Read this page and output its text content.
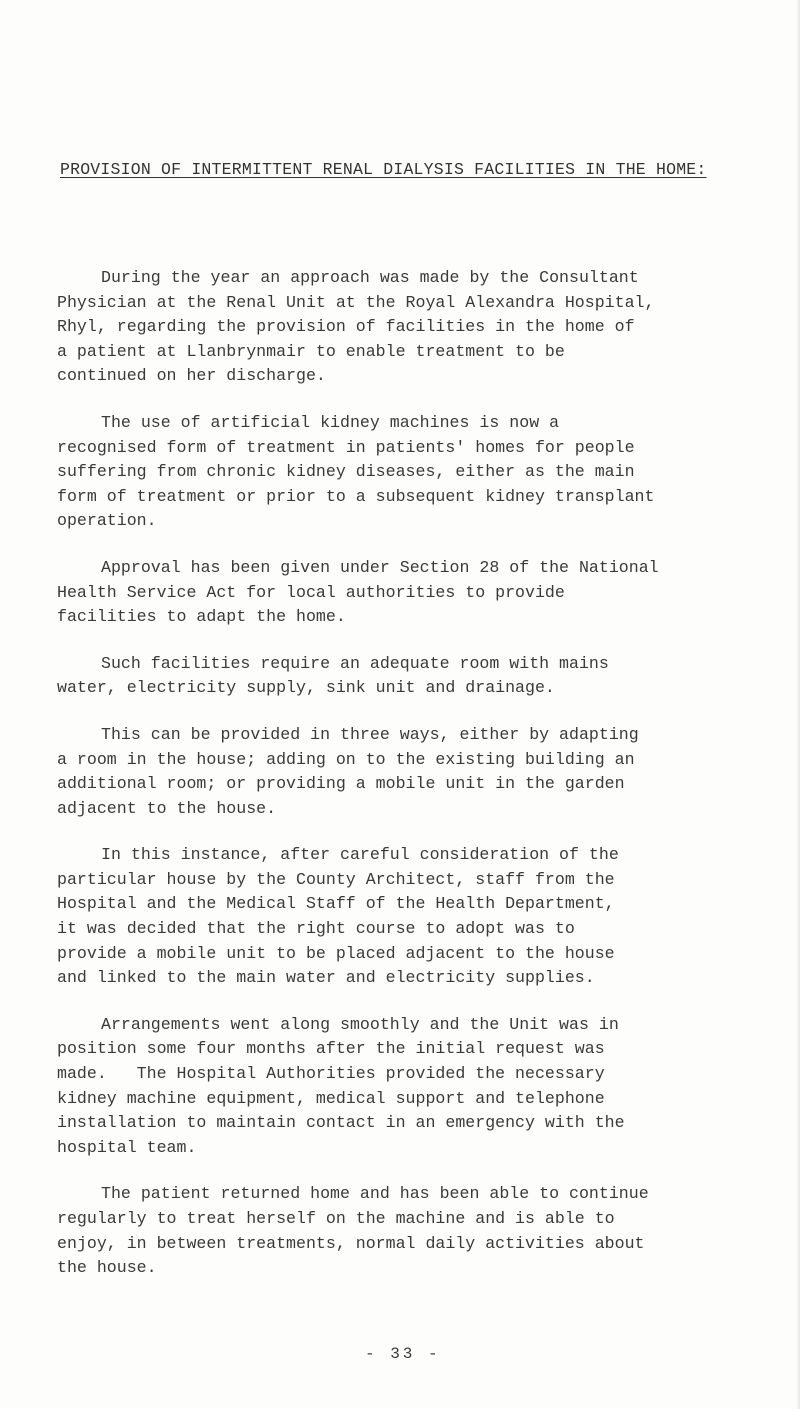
PROVISION OF INTERMITTENT RENAL DIALYSIS FACILITIES IN THE HOME:

During the year an approach was made by the Consultant
Physician at the Renal Unit at the Royal Alexandra Hospital,
Rhyl, regarding the provision of facilities in the home of
a patient at Llanbrynmair to enable treatment to be
continued on her discharge.

The use of artificial kidney machines is now a
recognised form of treatment in patients' homes for people
suffering from chronic kidney diseases, either as the main
form of treatment or prior to a subsequent kidney transplant
operation.

Approval has been given under Section 28 of the National
Health Service Act for local authorities to provide
facilities to adapt the home.

Such facilities require an adequate room with mains
water, electricity supply, sink unit and drainage.

This can be provided in three ways, either by adapting
a room in the house; adding on to the existing building an
additional room; or providing a mobile unit in the garden
adjacent to the house.

In this instance, after careful consideration of the
particular house by the County Architect, staff from the
Hospital and the Medical Staff of the Health Department,
it was decided that the right course to adopt was to
provide a mobile unit to be placed adjacent to the house
and linked to the main water and electricity supplies.

Arrangements went along smoothly and the Unit was in
position some four months after the initial request was
made.   The Hospital Authorities provided the necessary
kidney machine equipment, medical support and telephone
installation to maintain contact in an emergency with the
hospital team.

The patient returned home and has been able to continue
regularly to treat herself on the machine and is able to
enjoy, in between treatments, normal daily activities about
the house.

- 33 -
